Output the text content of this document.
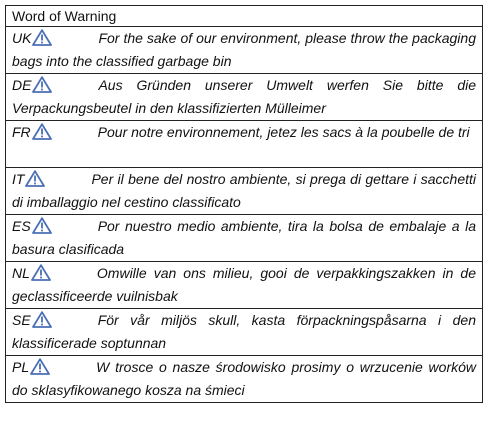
Word of Warning
UK	For the sake of our environment, please throw the packaging bags into the classified garbage bin
DE	Aus Gründen unserer Umwelt werfen Sie bitte die Verpackungsbeutel in den klassifizierten Mülleimer
FR	Pour notre environnement, jetez les sacs à la poubelle de tri
IT	Per il bene del nostro ambiente, si prega di gettare i sacchetti di imballaggio nel cestino classificato
ES	Por nuestro medio ambiente, tira la bolsa de embalaje a la basura clasificada
NL	Omwille van ons milieu, gooi de verpakkingszakken in de geclassificeerde vuilnisbak
SE	För vår miljös skull, kasta förpackningspåsarna i den klassificerade soptunnan
PL	W trosce o nasze środowisko prosimy o wrzucenie worków do sklasyfikowanego kosza na śmieci
